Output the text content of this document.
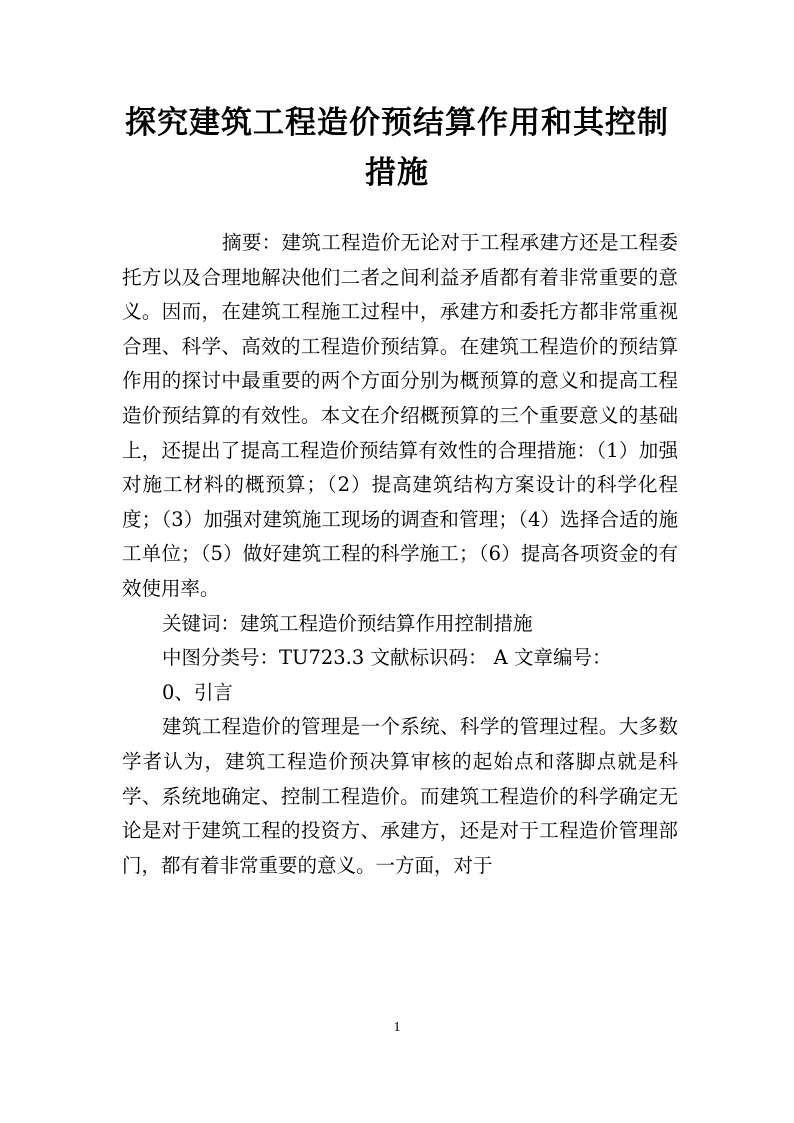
探究建筑工程造价预结算作用和其控制措施

摘要：建筑工程造价无论对于工程承建方还是工程委托方以及合理地解决他们二者之间利益矛盾都有着非常重要的意义。因而，在建筑工程施工过程中，承建方和委托方都非常重视合理、科学、高效的工程造价预结算。在建筑工程造价的预结算作用的探讨中最重要的两个方面分别为概预算的意义和提高工程造价预结算的有效性。本文在介绍概预算的三个重要意义的基础上，还提出了提高工程造价预结算有效性的合理措施：（1）加强对施工材料的概预算；（2）提高建筑结构方案设计的科学化程度；（3）加强对建筑施工现场的调查和管理；（4）选择合适的施工单位；（5）做好建筑工程的科学施工；（6）提高各项资金的有效使用率。

关键词：建筑工程造价预结算作用控制措施

中图分类号：TU723.3 文献标识码： A 文章编号：

0、引言

建筑工程造价的管理是一个系统、科学的管理过程。大多数学者认为，建筑工程造价预决算审核的起始点和落脚点就是科学、系统地确定、控制工程造价。而建筑工程造价的科学确定无论是对于建筑工程的投资方、承建方，还是对于工程造价管理部门，都有着非常重要的意义。一方面，对于

1
